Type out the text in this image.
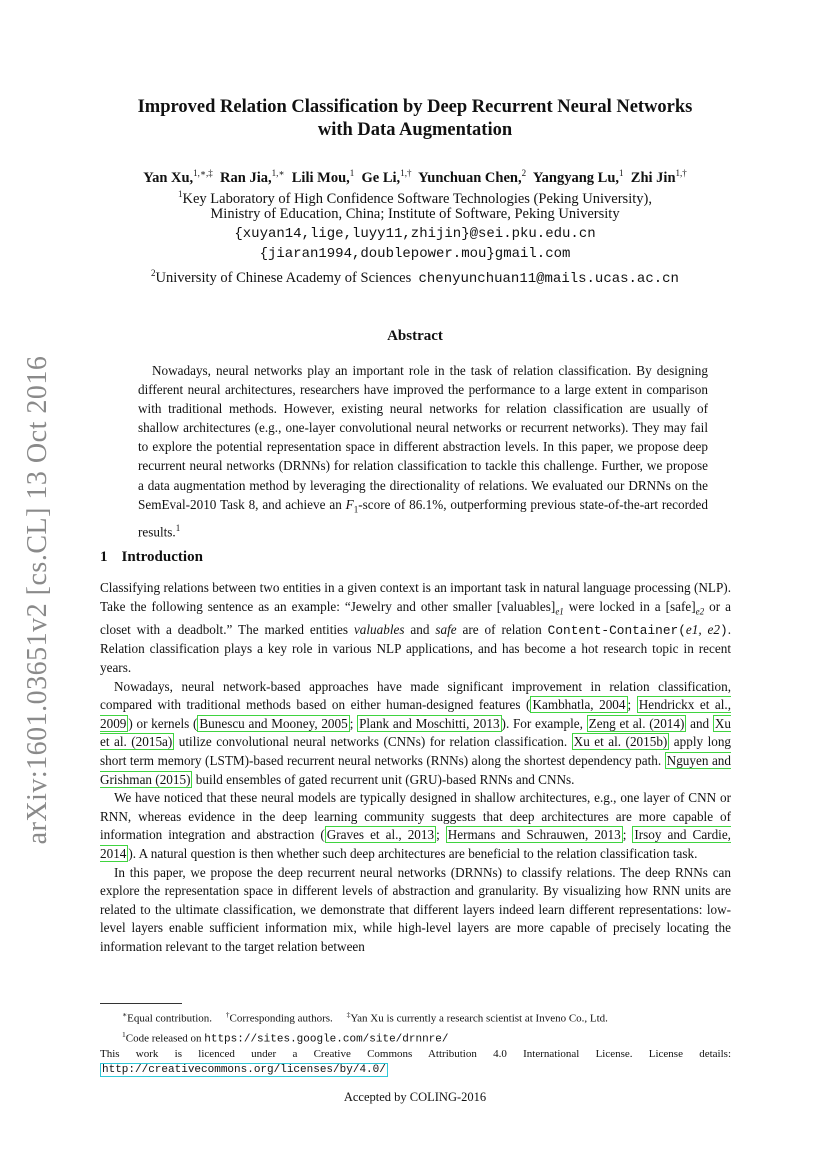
arXiv:1601.03651v2 [cs.CL] 13 Oct 2016
Improved Relation Classification by Deep Recurrent Neural Networks
with Data Augmentation
Yan Xu,$^{1,∗,\ddagger}$ Ran Jia,$^{1,∗}$ Lili Mou,$^1$ Ge Li,$^{1,\dagger}$ Yunchuan Chen,$^2$ Yangyang Lu,$^1$ Zhi Jin$^{1,\dagger}$
$^1$Key Laboratory of High Confidence Software Technologies (Peking University),
Ministry of Education, China; Institute of Software, Peking University
{xuyan14,lige,luyy11,zhijin}@sei.pku.edu.cn
{jiaran1994,doublepower.mou}gmail.com
$^2$University of Chinese Academy of Sciences chenyunchuan11@mails.ucas.ac.cn
Abstract
Nowadays, neural networks play an important role in the task of relation classification. By designing different neural architectures, researchers have improved the performance to a large extent in comparison with traditional methods. However, existing neural networks for relation classification are usually of shallow architectures (e.g., one-layer convolutional neural networks or recurrent networks). They may fail to explore the potential representation space in different abstraction levels. In this paper, we propose deep recurrent neural networks (DRNNs) for relation classification to tackle this challenge. Further, we propose a data augmentation method by leveraging the directionality of relations. We evaluated our DRNNs on the SemEval-2010 Task 8, and achieve an $F_1$-score of 86.1%, outperforming previous state-of-the-art recorded results.$^1$
1 Introduction

Classifying relations between two entities in a given context is an important task in natural language processing (NLP). Take the following sentence as an example: “Jewelry and other smaller $[valuables]_{e1}$ were locked in a $[safe]_{e2}$ or a closet with a deadbolt.” The marked entities valuables and safe are of relation Content-Container(e1, e2). Relation classification plays a key role in various NLP applications, and has become a hot research topic in recent years.

Nowadays, neural network-based approaches have made significant improvement in relation classification, compared with traditional methods based on either human-designed features ( Kambhatla, 2004 ; Hendrickx et al., 2009 ) or kernels ( Bunescu and Mooney, 2005 ; Plank and Moschitti, 2013 ). For example, Zeng et al. (2014) and Xu et al. (2015a) utilize convolutional neural networks (CNNs) for relation classification. Xu et al. (2015b) apply long short term memory (LSTM)-based recurrent neural networks (RNNs) along the shortest dependency path. Nguyen and Grishman (2015) build ensembles of gated recurrent unit (GRU)-based RNNs and CNNs.

We have noticed that these neural models are typically designed in shallow architectures, e.g., one layer of CNN or RNN, whereas evidence in the deep learning community suggests that deep architectures are more capable of information integration and abstraction ( Graves et al., 2013 ; Hermans and Schrauwen, 2013 ; Irsoy and Cardie, 2014 ). A natural question is then whether such deep architectures are beneficial to the relation classification task.

In this paper, we propose the deep recurrent neural networks (DRNNs) to classify relations. The deep RNNs can explore the representation space in different levels of abstraction and granularity. By visualizing how RNN units are related to the ultimate classification, we demonstrate that different layers indeed learn different representations: low-level layers enable sufficient information mix, while high-level layers are more capable of precisely locating the information relevant to the target relation between

∗Equal contribution. †Corresponding authors. ‡Yan Xu is currently a research scientist at Inveno Co., Ltd.
$^1$Code released on https://sites.google.com/site/drnnre/
This work is licenced under a Creative Commons Attribution 4.0 International License. License details: http://creativecommons.org/licenses/by/4.0/
Accepted by COLING-2016
